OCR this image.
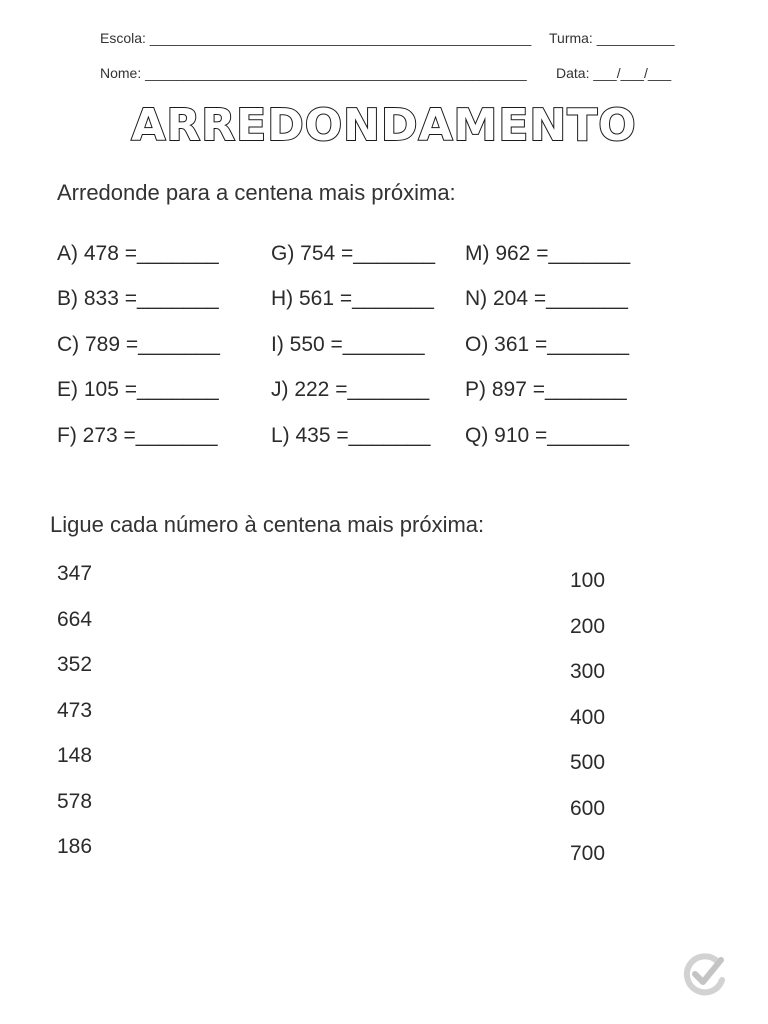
Escola: _________________________________________________ Turma: __________
Nome: _________________________________________________ Data: ___/___/___
ARREDONDAMENTO
Arredonde para a centena mais próxima:
A) 478 =_______
B) 833 =_______
C) 789 =_______
E) 105 =_______
F) 273 =_______
G) 754 =_______
H) 561 =_______
I) 550 =_______
J) 222 =_______
L) 435 =_______
M) 962 =_______
N) 204 =_______
O) 361 =_______
P) 897 =_______
Q) 910 =_______
Ligue cada número à centena mais próxima:
347
664
352
473
148
578
186
100
200
300
400
500
600
700
